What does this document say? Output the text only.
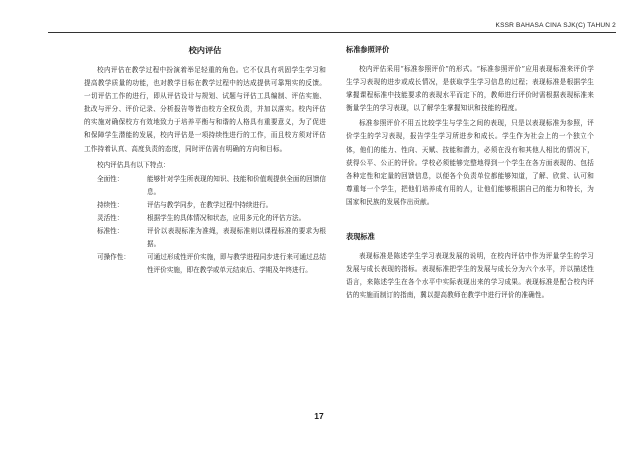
KSSR BAHASA CINA SJK(C) TAHUN 2
校内评估

校内评估在教学过程中扮演着举足轻重的角色。它不仅具有巩固学生学习和提高教学质量的功能，也对教学目标在教学过程中的达成提供可靠翔实的反馈。一切评估工作的进行，即从评估设计与规划、试题与评估工具编制、评估实施、批改与评分、评价记录、分析报告等皆由校方全权负责，并加以落实。校内评估的实施对确保校方有效地致力于培养平衡与和谐的人格具有重要意义，为了促进和保障学生潜能的发展，校内评估是一项持续性进行的工作，而且校方须对评估工作持着认真、高度负责的态度，同时评估需有明确的方向和目标。

校内评估具有以下特点：
全面性：	能够针对学生所表现的知识、技能和价值观提供全面的回馈信息。
持续性：	评估与教学同步，在教学过程中持续进行。
灵活性：	根据学生的具体情况和状态，应用多元化的评估方法。
标准性：	评价以表现标准为准绳，表现标准则以课程标准的要求为根据。
可操作性：	可通过形成性评价实施，即与教学进程同步进行来可通过总结性评价实施，即在教学或单元结束后、学期及年终进行。
标准参照评价

校内评估采用“标准参照评价”的形式。“标准参照评价”应用表现标准来评价学生学习表现的进步或成长情况，是获取学生学习信息的过程；表现标准是根据学生掌握课程标准中技能要求的表现水平而定下的，教师进行评价时需根据表现标准来衡量学生的学习表现，以了解学生掌握知识和技能的程度。

标准参照评价不用五比较学生与学生之间的表现，只是以表现标准为参照，评价学生的学习表现，报告学生学习所进步和成长。学生作为社会上的一个独立个体，他们的能力、性向、天赋、技能和潜力，必须在没有和其他人相比的情况下，获得公平、公正的评价。学校必须能够完整地得到一个学生在各方面表现的、包括各种定性和定量的回馈信息，以便各个负责单位都能够知道，了解、欣赏、认可和尊重每一个学生，把他们培养成有用的人，让他们能够根据自己的能力和特长，为国家和民族的发展作出贡献。

表现标准

表现标准是陈述学生学习表现发展的说明，在校内评估中作为评量学生的学习发展与成长表现的指标。表现标准把学生的发展与成长分为六个水平，并以描述性语言，来陈述学生在各个水平中实际表现出来的学习成果。表现标准是配合校内评估的实施而制订的指南，冀以提高教师在教学中进行评价的准确性。

17
